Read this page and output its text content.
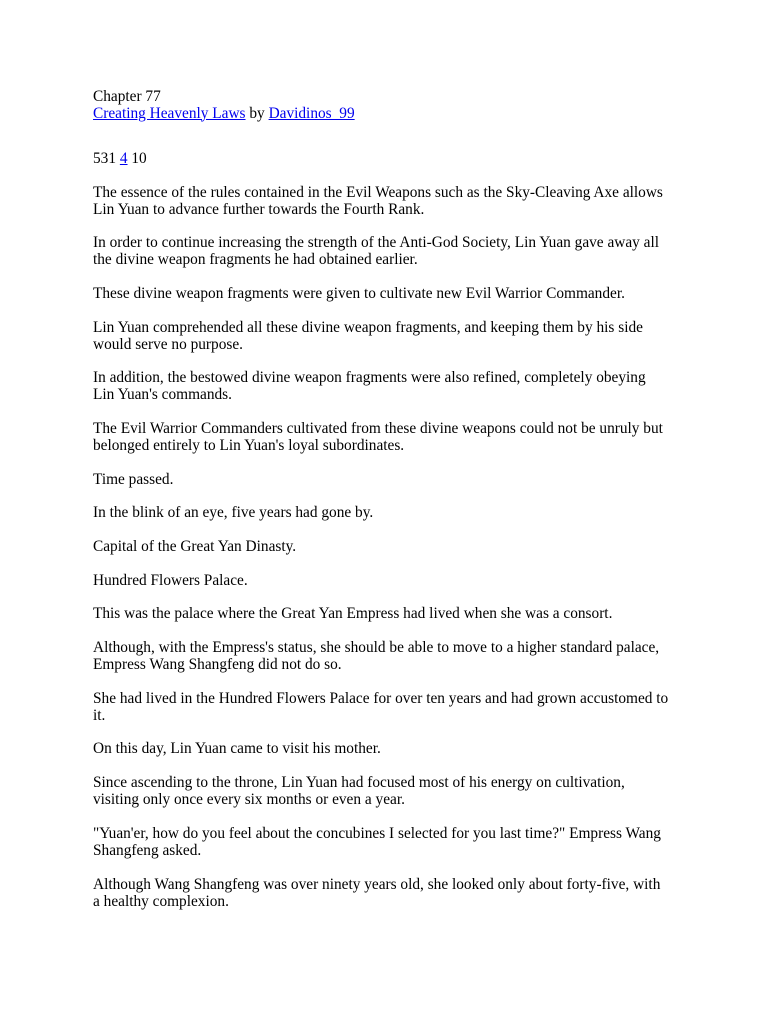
Chapter 77
Creating Heavenly Laws by Davidinos_99
531 4 10
The essence of the rules contained in the Evil Weapons such as the Sky-Cleaving Axe allows
Lin Yuan to advance further towards the Fourth Rank.
In order to continue increasing the strength of the Anti-God Society, Lin Yuan gave away all
the divine weapon fragments he had obtained earlier.
These divine weapon fragments were given to cultivate new Evil Warrior Commander.
Lin Yuan comprehended all these divine weapon fragments, and keeping them by his side
would serve no purpose.
In addition, the bestowed divine weapon fragments were also refined, completely obeying
Lin Yuan's commands.
The Evil Warrior Commanders cultivated from these divine weapons could not be unruly but
belonged entirely to Lin Yuan's loyal subordinates.
Time passed.
In the blink of an eye, five years had gone by.
Capital of the Great Yan Dinasty.
Hundred Flowers Palace.
This was the palace where the Great Yan Empress had lived when she was a consort.
Although, with the Empress's status, she should be able to move to a higher standard palace,
Empress Wang Shangfeng did not do so.
She had lived in the Hundred Flowers Palace for over ten years and had grown accustomed to
it.
On this day, Lin Yuan came to visit his mother.
Since ascending to the throne, Lin Yuan had focused most of his energy on cultivation,
visiting only once every six months or even a year.
"Yuan'er, how do you feel about the concubines I selected for you last time?" Empress Wang
Shangfeng asked.
Although Wang Shangfeng was over ninety years old, she looked only about forty-five, with
a healthy complexion.
